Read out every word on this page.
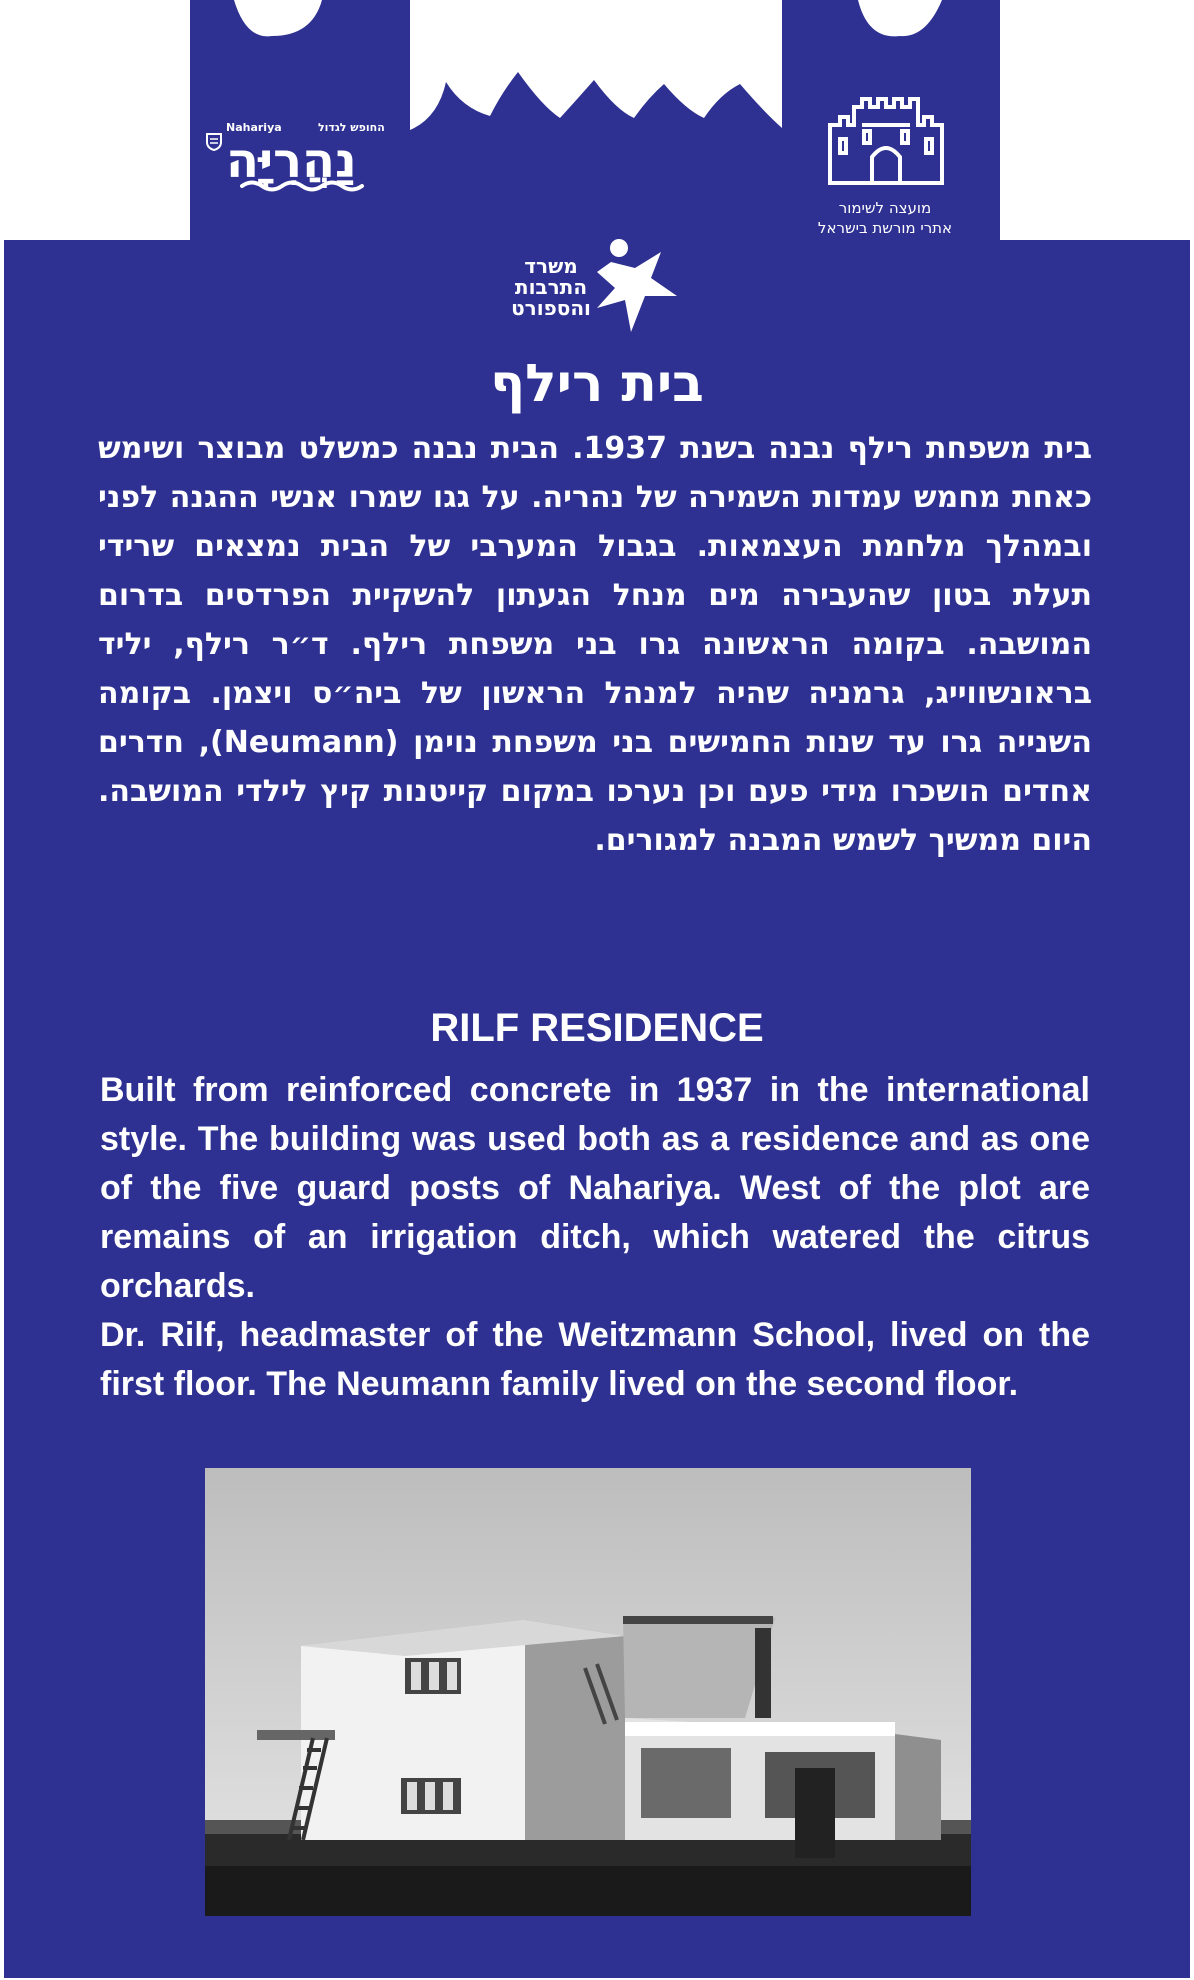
Nahariya	החופש לגדול
נַהֲרִיָּה
מועצה לשימור
אתרי מורשת בישראל
משרד
התרבות
והספורט
בית רילף

בית משפחת רילף נבנה בשנת 1937. הבית נבנה כמשלט מבוצר ושימש כאחת מחמש עמדות השמירה של נהריה. על גגו שמרו אנשי ההגנה לפני ובמהלך מלחמת העצמאות. בגבול המערבי של הבית נמצאים שרידי תעלת בטון שהעבירה מים מנחל הגעתון להשקיית הפרדסים בדרום המושבה. בקומה הראשונה גרו בני משפחת רילף. ד״ר רילף, יליד בראונשווייג, גרמניה שהיה למנהל הראשון של ביה״ס ויצמן. בקומה השנייה גרו עד שנות החמישים בני משפחת נוימן (Neumann), חדרים אחדים הושכרו מידי פעם וכן נערכו במקום קייטנות קיץ לילדי המושבה. היום ממשיך לשמש המבנה למגורים.

RILF RESIDENCE

Built from reinforced concrete in 1937 in the international style. The building was used both as a residence and as one of the five guard posts of Nahariya. West of the plot are remains of an irrigation ditch, which watered the citrus orchards.

Dr. Rilf, headmaster of the Weitzmann School, lived on the first floor. The Neumann family lived on the second floor.
